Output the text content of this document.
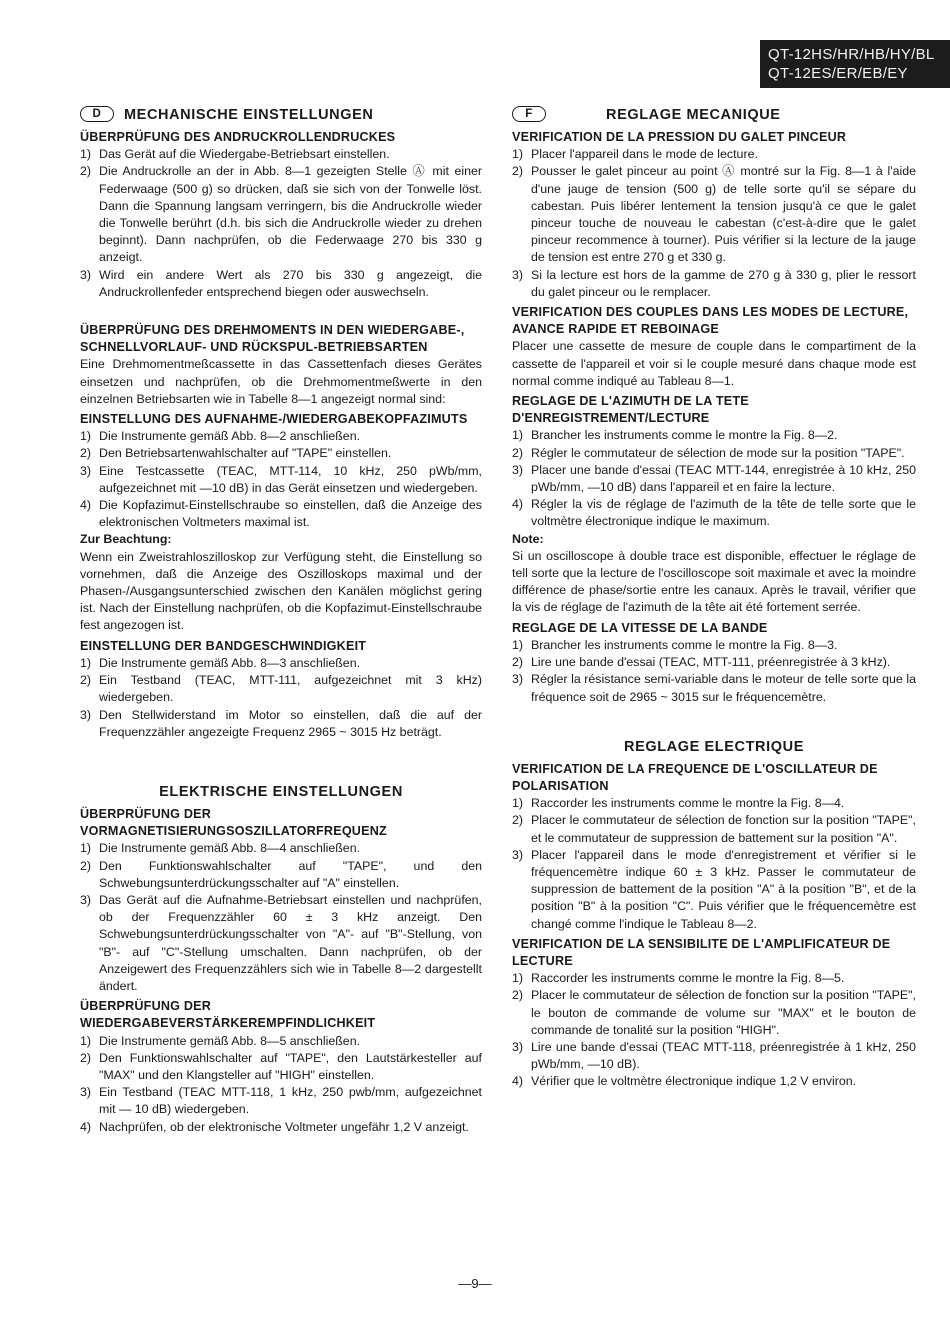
QT-12HS/HR/HB/HY/BL
QT-12ES/ER/EB/EY
D MECHANISCHE EINSTELLUNGEN
ÜBERPRÜFUNG DES ANDRUCKROLLENDRUCKES
1) Das Gerät auf die Wiedergabe-Betriebsart einstellen.
2) Die Andruckrolle an der in Abb. 8—1 gezeigten Stelle Ⓐ mit einer Federwaage (500 g) so drücken, daß sie sich von der Tonwelle löst. Dann die Spannung langsam verringern, bis die Andruckrolle wieder die Tonwelle berührt (d.h. bis sich die Andruckrolle wieder zu drehen beginnt). Dann nachprüfen, ob die Federwaage 270 bis 330 g anzeigt.
3) Wird ein andere Wert als 270 bis 330 g angezeigt, die Andruckrollenfeder entsprechend biegen oder auswechseln.
ÜBERPRÜFUNG DES DREHMOMENTS IN DEN WIEDERGABE-, SCHNELLVORLAUF- UND RÜCKSPUL-BETRIEBSARTEN

Eine Drehmomentmeßcassette in das Cassettenfach dieses Gerätes einsetzen und nachprüfen, ob die Drehmomentmeßwerte in den einzelnen Betriebsarten wie in Tabelle 8—1 angezeigt normal sind:

EINSTELLUNG DES AUFNAHME-/WIEDERGABEKOPFAZIMUTS
1) Die Instrumente gemäß Abb. 8—2 anschließen.
2) Den Betriebsartenwahlschalter auf "TAPE" einstellen.
3) Eine Testcassette (TEAC, MTT-114, 10 kHz, 250 pWb/mm, aufgezeichnet mit —10 dB) in das Gerät einsetzen und wiedergeben.
4) Die Kopfazimut-Einstellschraube so einstellen, daß die Anzeige des elektronischen Voltmeters maximal ist.
Zur Beachtung:

Wenn ein Zweistrahloszilloskop zur Verfügung steht, die Einstellung so vornehmen, daß die Anzeige des Oszilloskops maximal und der Phasen-/Ausgangsunterschied zwischen den Kanälen möglichst gering ist. Nach der Einstellung nachprüfen, ob die Kopfazimut-Einstellschraube fest angezogen ist.

EINSTELLUNG DER BANDGESCHWINDIGKEIT
1) Die Instrumente gemäß Abb. 8—3 anschließen.
2) Ein Testband (TEAC, MTT-111, aufgezeichnet mit 3 kHz) wiedergeben.
3) Den Stellwiderstand im Motor so einstellen, daß die auf der Frequenzzähler angezeigte Frequenz 2965 ~ 3015 Hz beträgt.
ELEKTRISCHE EINSTELLUNGEN
ÜBERPRÜFUNG DER VORMAGNETISIERUNGSOSZILLATORFREQUENZ
1) Die Instrumente gemäß Abb. 8—4 anschließen.
2) Den Funktionswahlschalter auf "TAPE", und den Schwebungsunterdrückungsschalter auf "A" einstellen.
3) Das Gerät auf die Aufnahme-Betriebsart einstellen und nachprüfen, ob der Frequenzzähler 60 ± 3 kHz anzeigt. Den Schwebungsunterdrückungsschalter von "A"- auf "B"-Stellung, von "B"- auf "C"-Stellung umschalten. Dann nachprüfen, ob der Anzeigewert des Frequenzzählers sich wie in Tabelle 8—2 dargestellt ändert.
ÜBERPRÜFUNG DER WIEDERGABEVERSTÄRKEREMPFINDLICHKEIT
1) Die Instrumente gemäß Abb. 8—5 anschließen.
2) Den Funktionswahlschalter auf "TAPE", den Lautstärkesteller auf "MAX" und den Klangsteller auf "HIGH" einstellen.
3) Ein Testband (TEAC MTT-118, 1 kHz, 250 pwb/mm, aufgezeichnet mit — 10 dB) wiedergeben.
4) Nachprüfen, ob der elektronische Voltmeter ungefähr 1,2 V anzeigt.
F	REGLAGE MECANIQUE
VERIFICATION DE LA PRESSION DU GALET PINCEUR
1) Placer l'appareil dans le mode de lecture.
2) Pousser le galet pinceur au point Ⓐ montré sur la Fig. 8—1 à l'aide d'une jauge de tension (500 g) de telle sorte qu'il se sépare du cabestan. Puis libérer lentement la tension jusqu'à ce que le galet pinceur touche de nouveau le cabestan (c'est-à-dire que le galet pinceur recommence à tourner). Puis vérifier si la lecture de la jauge de tension est entre 270 g et 330 g.
3) Si la lecture est hors de la gamme de 270 g à 330 g, plier le ressort du galet pinceur ou le remplacer.
VERIFICATION DES COUPLES DANS LES MODES DE LECTURE, AVANCE RAPIDE ET REBOINAGE

Placer une cassette de mesure de couple dans le compartiment de la cassette de l'appareil et voir si le couple mesuré dans chaque mode est normal comme indiqué au Tableau 8—1.

REGLAGE DE L'AZIMUTH DE LA TETE D'ENREGISTREMENT/LECTURE
1) Brancher les instruments comme le montre la Fig. 8—2.
2) Régler le commutateur de sélection de mode sur la position "TAPE".
3) Placer une bande d'essai (TEAC MTT-144, enregistrée à 10 kHz, 250 pWb/mm, —10 dB) dans l'appareil et en faire la lecture.
4) Régler la vis de réglage de l'azimuth de la tête de telle sorte que le voltmètre électronique indique le maximum.
Note:

Si un oscilloscope à double trace est disponible, effectuer le réglage de tell sorte que la lecture de l'oscilloscope soit maximale et avec la moindre différence de phase/sortie entre les canaux. Après le travail, vérifier que la vis de réglage de l'azimuth de la tête ait été fortement serrée.

REGLAGE DE LA VITESSE DE LA BANDE
1) Brancher les instruments comme le montre la Fig. 8—3.
2) Lire une bande d'essai (TEAC, MTT-111, préenregistrée à 3 kHz).
3) Régler la résistance semi-variable dans le moteur de telle sorte que la fréquence soit de 2965 ~ 3015 sur le fréquencemètre.
REGLAGE ELECTRIQUE
VERIFICATION DE LA FREQUENCE DE L'OSCILLATEUR DE POLARISATION
1) Raccorder les instruments comme le montre la Fig. 8—4.
2) Placer le commutateur de sélection de fonction sur la position "TAPE", et le commutateur de suppression de battement sur la position "A".
3) Placer l'appareil dans le mode d'enregistrement et vérifier si le fréquencemètre indique 60 ± 3 kHz. Passer le commutateur de suppression de battement de la position "A" à la position "B", et de la position "B" à la position "C". Puis vérifier que le fréquencemètre est changé comme l'indique le Tableau 8—2.
VERIFICATION DE LA SENSIBILITE DE L'AMPLIFICATEUR DE LECTURE
1) Raccorder les instruments comme le montre la Fig. 8—5.
2) Placer le commutateur de sélection de fonction sur la position "TAPE", le bouton de commande de volume sur "MAX" et le bouton de commande de tonalité sur la position "HIGH".
3) Lire une bande d'essai (TEAC MTT-118, préenregistrée à 1 kHz, 250 pWb/mm, —10 dB).
4) Vérifier que le voltmètre électronique indique 1,2 V environ.
—9—
